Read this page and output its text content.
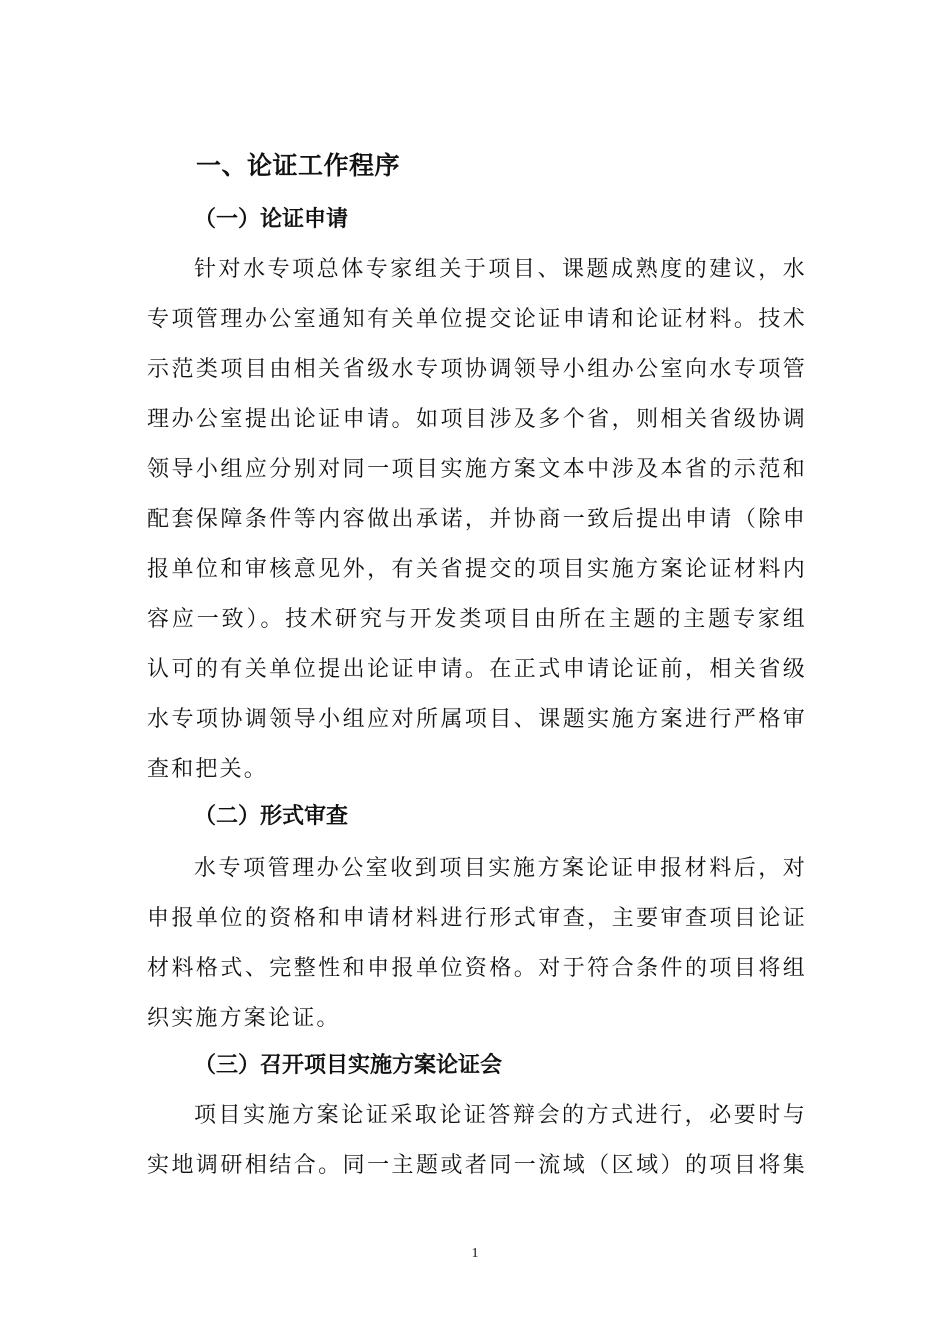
一、论证工作程序
（一）论证申请
针对水专项总体专家组关于项目、课题成熟度的建议，水
专项管理办公室通知有关单位提交论证申请和论证材料。技术
示范类项目由相关省级水专项协调领导小组办公室向水专项管
理办公室提出论证申请。如项目涉及多个省，则相关省级协调
领导小组应分别对同一项目实施方案文本中涉及本省的示范和
配套保障条件等内容做出承诺，并协商一致后提出申请（除申
报单位和审核意见外，有关省提交的项目实施方案论证材料内
容应一致）。技术研究与开发类项目由所在主题的主题专家组
认可的有关单位提出论证申请。在正式申请论证前，相关省级
水专项协调领导小组应对所属项目、课题实施方案进行严格审
查和把关。
（二）形式审查
水专项管理办公室收到项目实施方案论证申报材料后，对
申报单位的资格和申请材料进行形式审查，主要审查项目论证
材料格式、完整性和申报单位资格。对于符合条件的项目将组
织实施方案论证。
（三）召开项目实施方案论证会
项目实施方案论证采取论证答辩会的方式进行，必要时与
实地调研相结合。同一主题或者同一流域（区域）的项目将集
1
